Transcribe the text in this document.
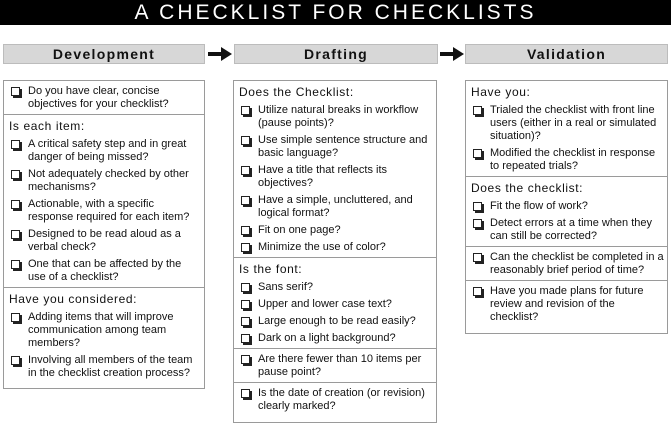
A CHECKLIST FOR CHECKLISTS
Development	Drafting	Validation
Do you have clear, concise objectives for your checklist?
Is each item:
A critical safety step and in great danger of being missed?
Not adequately checked by other mechanisms?
Actionable, with a specific response required for each item?
Designed to be read aloud as a verbal check?
One that can be affected by the use of a checklist?
Have you considered:
Adding items that will improve communication among team members?
Involving all members of the team in the checklist creation process?
Does the Checklist:
Utilize natural breaks in workflow (pause points)?
Use simple sentence structure and basic language?
Have a title that reflects its objectives?
Have a simple, uncluttered, and logical format?
Fit on one page?
Minimize the use of color?
Is the font:
Sans serif?
Upper and lower case text?
Large enough to be read easily?
Dark on a light background?
Are there fewer than 10 items per pause point?
Is the date of creation (or revision) clearly marked?
Have you:
Trialed the checklist with front line users (either in a real or simulated situation)?
Modified the checklist in response to repeated trials?
Does the checklist:
Fit the flow of work?
Detect errors at a time when they can still be corrected?
Can the checklist be completed in a reasonably brief period of time?
Have you made plans for future review and revision of the checklist?
